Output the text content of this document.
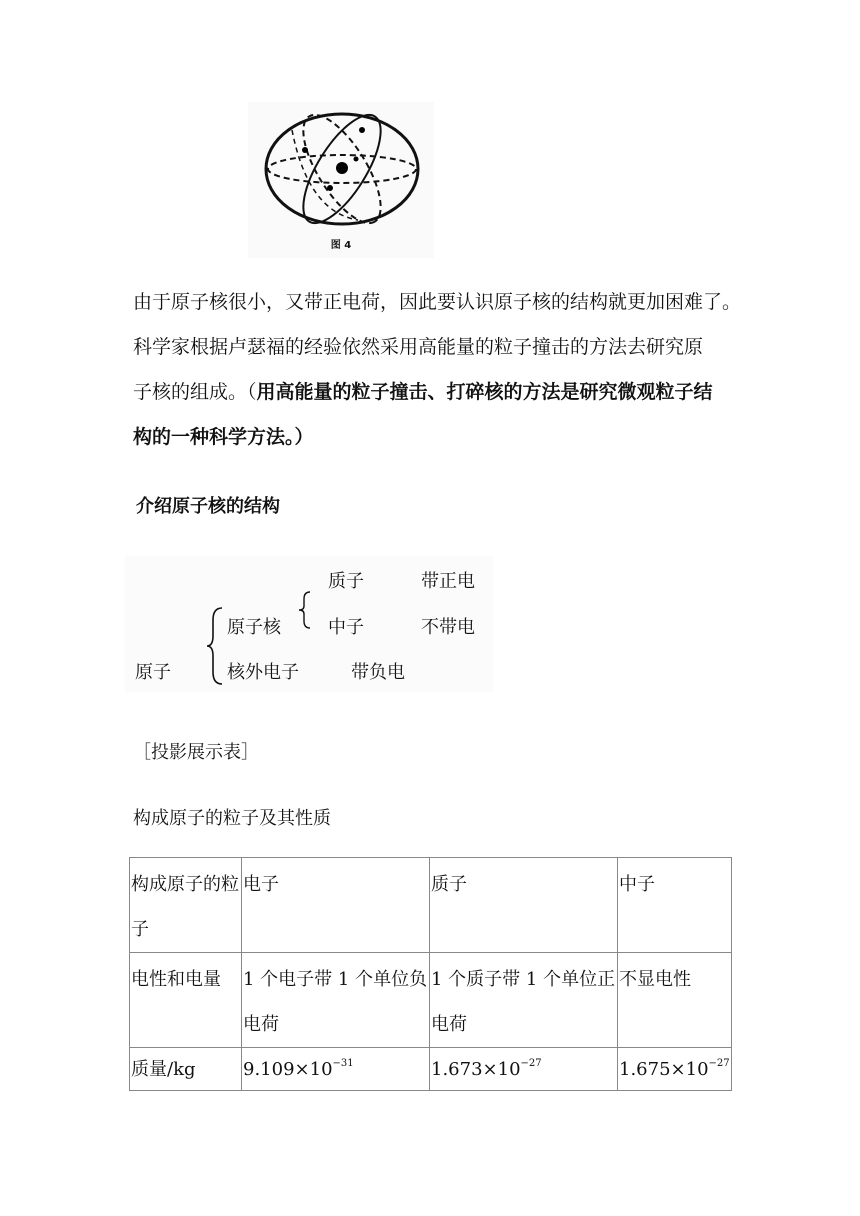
图 4
由于原子核很小，又带正电荷，因此要认识原子核的结构就更加困难了。
科学家根据卢瑟福的经验依然采用高能量的粒子撞击的方法去研究原
子核的组成。（用高能量的粒子撞击、打碎核的方法是研究微观粒子结
构的一种科学方法。）
介绍原子核的结构
质子	带正电
原子核	中子	不带电
原子	核外电子	带负电
［投影展示表］
构成原子的粒子及其性质
构成原子的粒子	电子	质子	中子
电性和电量	1 个电子带 1 个单位负电荷	1 个质子带 1 个单位正电荷	不显电性
质量/kg	$9.109\times 10^{-31}$	$1.673\times 10^{-27}$	$1.675\times 10^{-27}$
